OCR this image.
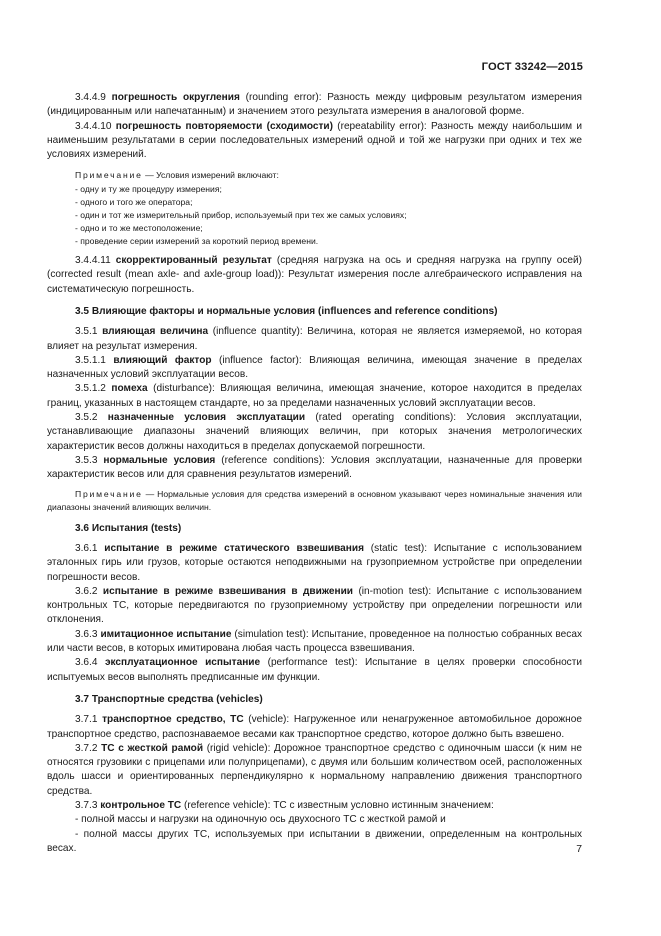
ГОСТ 33242—2015

3.4.4.9 погрешность округления (rounding error): Разность между цифровым результатом измерения (индицированным или напечатанным) и значением этого результата измерения в аналоговой форме.

3.4.4.10 погрешность повторяемости (сходимости) (repeatability error): Разность между наибольшим и наименьшим результатами в серии последовательных измерений одной и той же нагрузки при одних и тех же условиях измерений.

Примечание — Условия измерений включают:

- одну и ту же процедуру измерения;

- одного и того же оператора;

- один и тот же измерительный прибор, используемый при тех же самых условиях;

- одно и то же местоположение;

- проведение серии измерений за короткий период времени.

3.4.4.11 скорректированный результат (средняя нагрузка на ось и средняя нагрузка на группу осей) (corrected result (mean axle- and axle-group load)): Результат измерения после алгебраического исправления на систематическую погрешность.

3.5 Влияющие факторы и нормальные условия (influences and reference conditions)

3.5.1 влияющая величина (influence quantity): Величина, которая не является измеряемой, но которая влияет на результат измерения.

3.5.1.1 влияющий фактор (influence factor): Влияющая величина, имеющая значение в пределах назначенных условий эксплуатации весов.

3.5.1.2 помеха (disturbance): Влияющая величина, имеющая значение, которое находится в пределах границ, указанных в настоящем стандарте, но за пределами назначенных условий эксплуатации весов.

3.5.2 назначенные условия эксплуатации (rated operating conditions): Условия эксплуатации, устанавливающие диапазоны значений влияющих величин, при которых значения метрологических характеристик весов должны находиться в пределах допускаемой погрешности.

3.5.3 нормальные условия (reference conditions): Условия эксплуатации, назначенные для проверки характеристик весов или для сравнения результатов измерений.

Примечание — Нормальные условия для средства измерений в основном указывают через номинальные значения или диапазоны значений влияющих величин.

3.6 Испытания (tests)

3.6.1 испытание в режиме статического взвешивания (static test): Испытание с использованием эталонных гирь или грузов, которые остаются неподвижными на грузоприемном устройстве при определении погрешности весов.

3.6.2 испытание в режиме взвешивания в движении (in-motion test): Испытание с использованием контрольных ТС, которые передвигаются по грузоприемному устройству при определении погрешности или отклонения.

3.6.3 имитационное испытание (simulation test): Испытание, проведенное на полностью собранных весах или части весов, в которых имитирована любая часть процесса взвешивания.

3.6.4 эксплуатационное испытание (performance test): Испытание в целях проверки способности испытуемых весов выполнять предписанные им функции.

3.7 Транспортные средства (vehicles)

3.7.1 транспортное средство, ТС (vehicle): Нагруженное или ненагруженное автомобильное дорожное транспортное средство, распознаваемое весами как транспортное средство, которое должно быть взвешено.

3.7.2 ТС с жесткой рамой (rigid vehicle): Дорожное транспортное средство с одиночным шасси (к ним не относятся грузовики с прицепами или полуприцепами), с двумя или большим количеством осей, расположенных вдоль шасси и ориентированных перпендикулярно к нормальному направлению движения транспортного средства.

3.7.3 контрольное ТС (reference vehicle): ТС с известным условно истинным значением:

- полной массы и нагрузки на одиночную ось двухосного ТС с жесткой рамой и

- полной массы других ТС, используемых при испытании в движении, определенным на контрольных весах.	7
